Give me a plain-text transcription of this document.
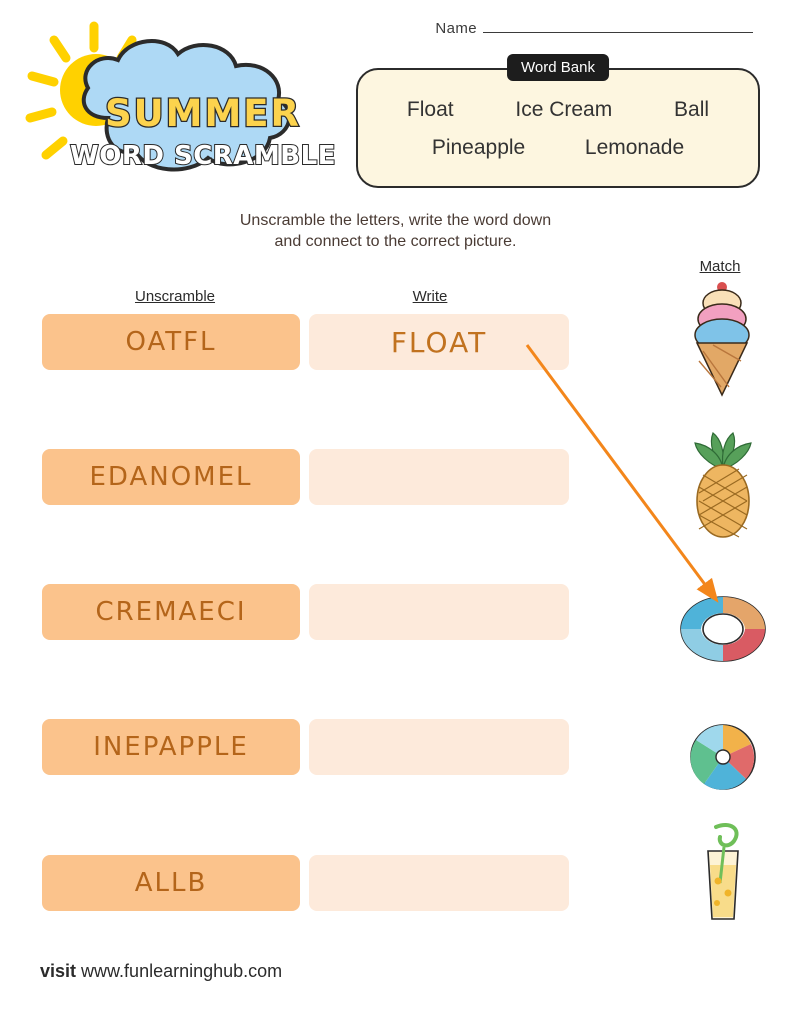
Name
SUMMER
WORD SCRAMBLE
Word Bank
Float	Ice Cream	Ball
Pineapple	Lemonade
Unscramble the letters, write the word down
and connect to the correct picture.
Unscramble	Write
Match
OATFL	FLOAT
EDANOMEL
CREMAECI
INEPAPPLE
ALLB
visit www.funlearninghub.com
